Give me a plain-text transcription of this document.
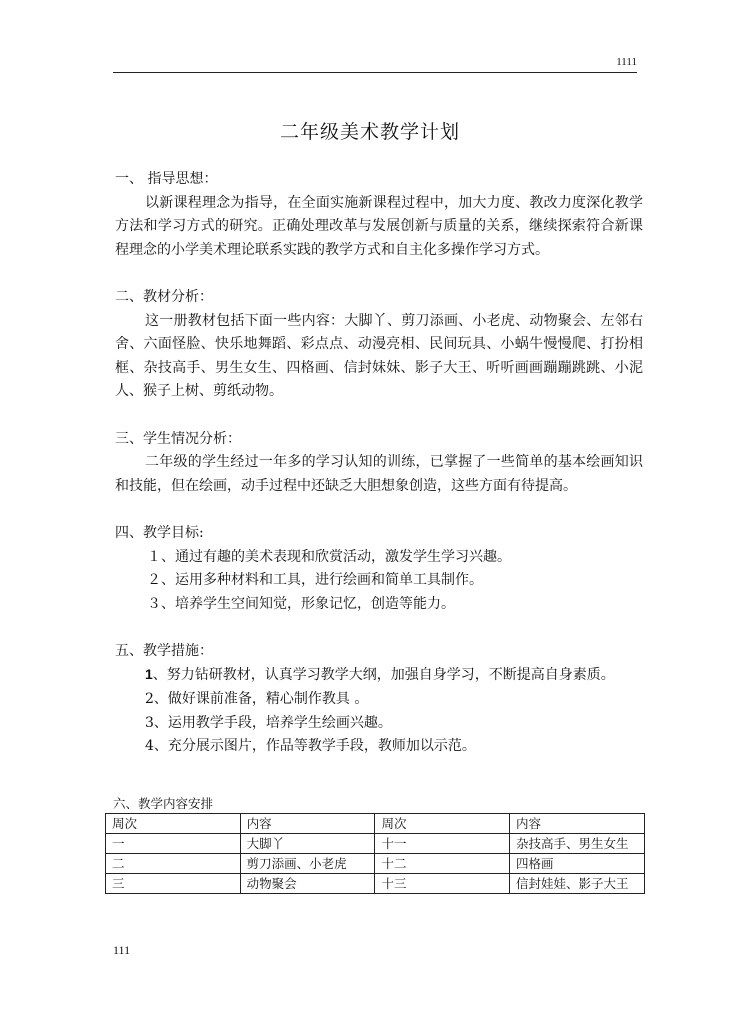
1111
二年级美术教学计划

一、 指导思想：

以新课程理念为指导，在全面实施新课程过程中，加大力度、教改力度深化教学方法和学习方式的研究。正确处理改革与发展创新与质量的关系，继续探索符合新课程理念的小学美术理论联系实践的教学方式和自主化多操作学习方式。

二、教材分析：

这一册教材包括下面一些内容：大脚丫、剪刀添画、小老虎、动物聚会、左邻右舍、六面怪脸、快乐地舞蹈、彩点点、动漫亮相、民间玩具、小蜗牛慢慢爬、打扮相框、杂技高手、男生女生、四格画、信封妹妹、影子大王、听听画画蹦蹦跳跳、小泥人、猴子上树、剪纸动物。

三、学生情况分析：

二年级的学生经过一年多的学习认知的训练，已掌握了一些简单的基本绘画知识和技能，但在绘画，动手过程中还缺乏大胆想象创造，这些方面有待提高。

四、教学目标:

１、通过有趣的美术表现和欣赏活动，激发学生学习兴趣。

２、运用多种材料和工具，进行绘画和简单工具制作。

３、培养学生空间知觉，形象记忆，创造等能力。

五、教学措施：

1、努力钻研教材，认真学习教学大纲，加强自身学习，不断提高自身素质。

2、做好课前准备，精心制作教具 。

3、运用教学手段，培养学生绘画兴趣。

4、充分展示图片，作品等教学手段，教师加以示范。

六、教学内容安排
周次	内容	周次	内容
一	大脚丫	十一	杂技高手、男生女生
二	剪刀添画、小老虎	十二	四格画
三	动物聚会	十三	信封娃娃、影子大王
111
